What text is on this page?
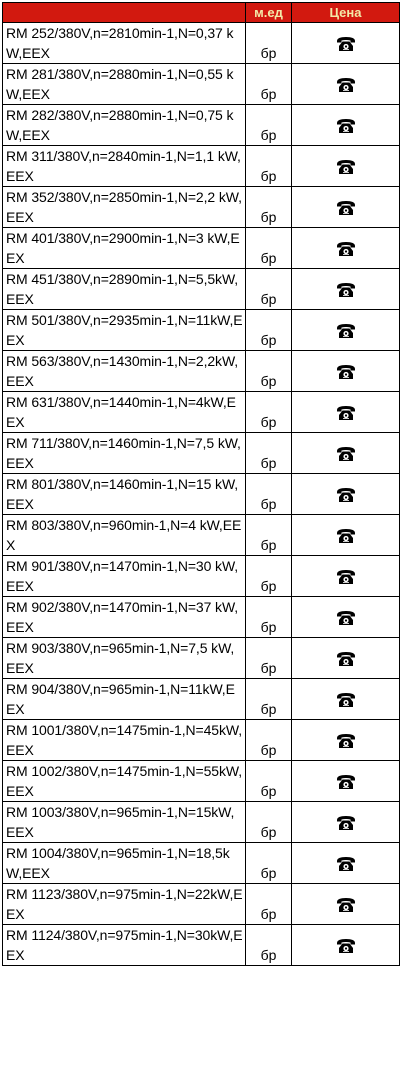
	м.ед	Цена
RM 252/380V,n=2810min-1,N=0,37 kW,EEX	бр	
RM 281/380V,n=2880min-1,N=0,55 kW,EEX	бр	
RM 282/380V,n=2880min-1,N=0,75 kW,EEX	бр	
RM 311/380V,n=2840min-1,N=1,1 kW,EEX	бр	
RM 352/380V,n=2850min-1,N=2,2 kW,EEX	бр	
RM 401/380V,n=2900min-1,N=3 kW,EEX	бр	
RM 451/380V,n=2890min-1,N=5,5kW,EEX	бр	
RM 501/380V,n=2935min-1,N=11kW,EEX	бр	
RM 563/380V,n=1430min-1,N=2,2kW,EEX	бр	
RM 631/380V,n=1440min-1,N=4kW,EEX	бр	
RM 711/380V,n=1460min-1,N=7,5 kW,EEX	бр	
RM 801/380V,n=1460min-1,N=15 kW,EEX	бр	
RM 803/380V,n=960min-1,N=4 kW,EEX	бр	
RM 901/380V,n=1470min-1,N=30 kW,EEX	бр	
RM 902/380V,n=1470min-1,N=37 kW,EEX	бр	
RM 903/380V,n=965min-1,N=7,5 kW,EEX	бр	
RM 904/380V,n=965min-1,N=11kW,EEX	бр	
RM 1001/380V,n=1475min-1,N=45kW,EEX	бр	
RM 1002/380V,n=1475min-1,N=55kW,EEX	бр	
RM 1003/380V,n=965min-1,N=15kW,EEX	бр	
RM 1004/380V,n=965min-1,N=18,5kW,EEX	бр	
RM 1123/380V,n=975min-1,N=22kW,EEX	бр	
RM 1124/380V,n=975min-1,N=30kW,EEX	бр	
